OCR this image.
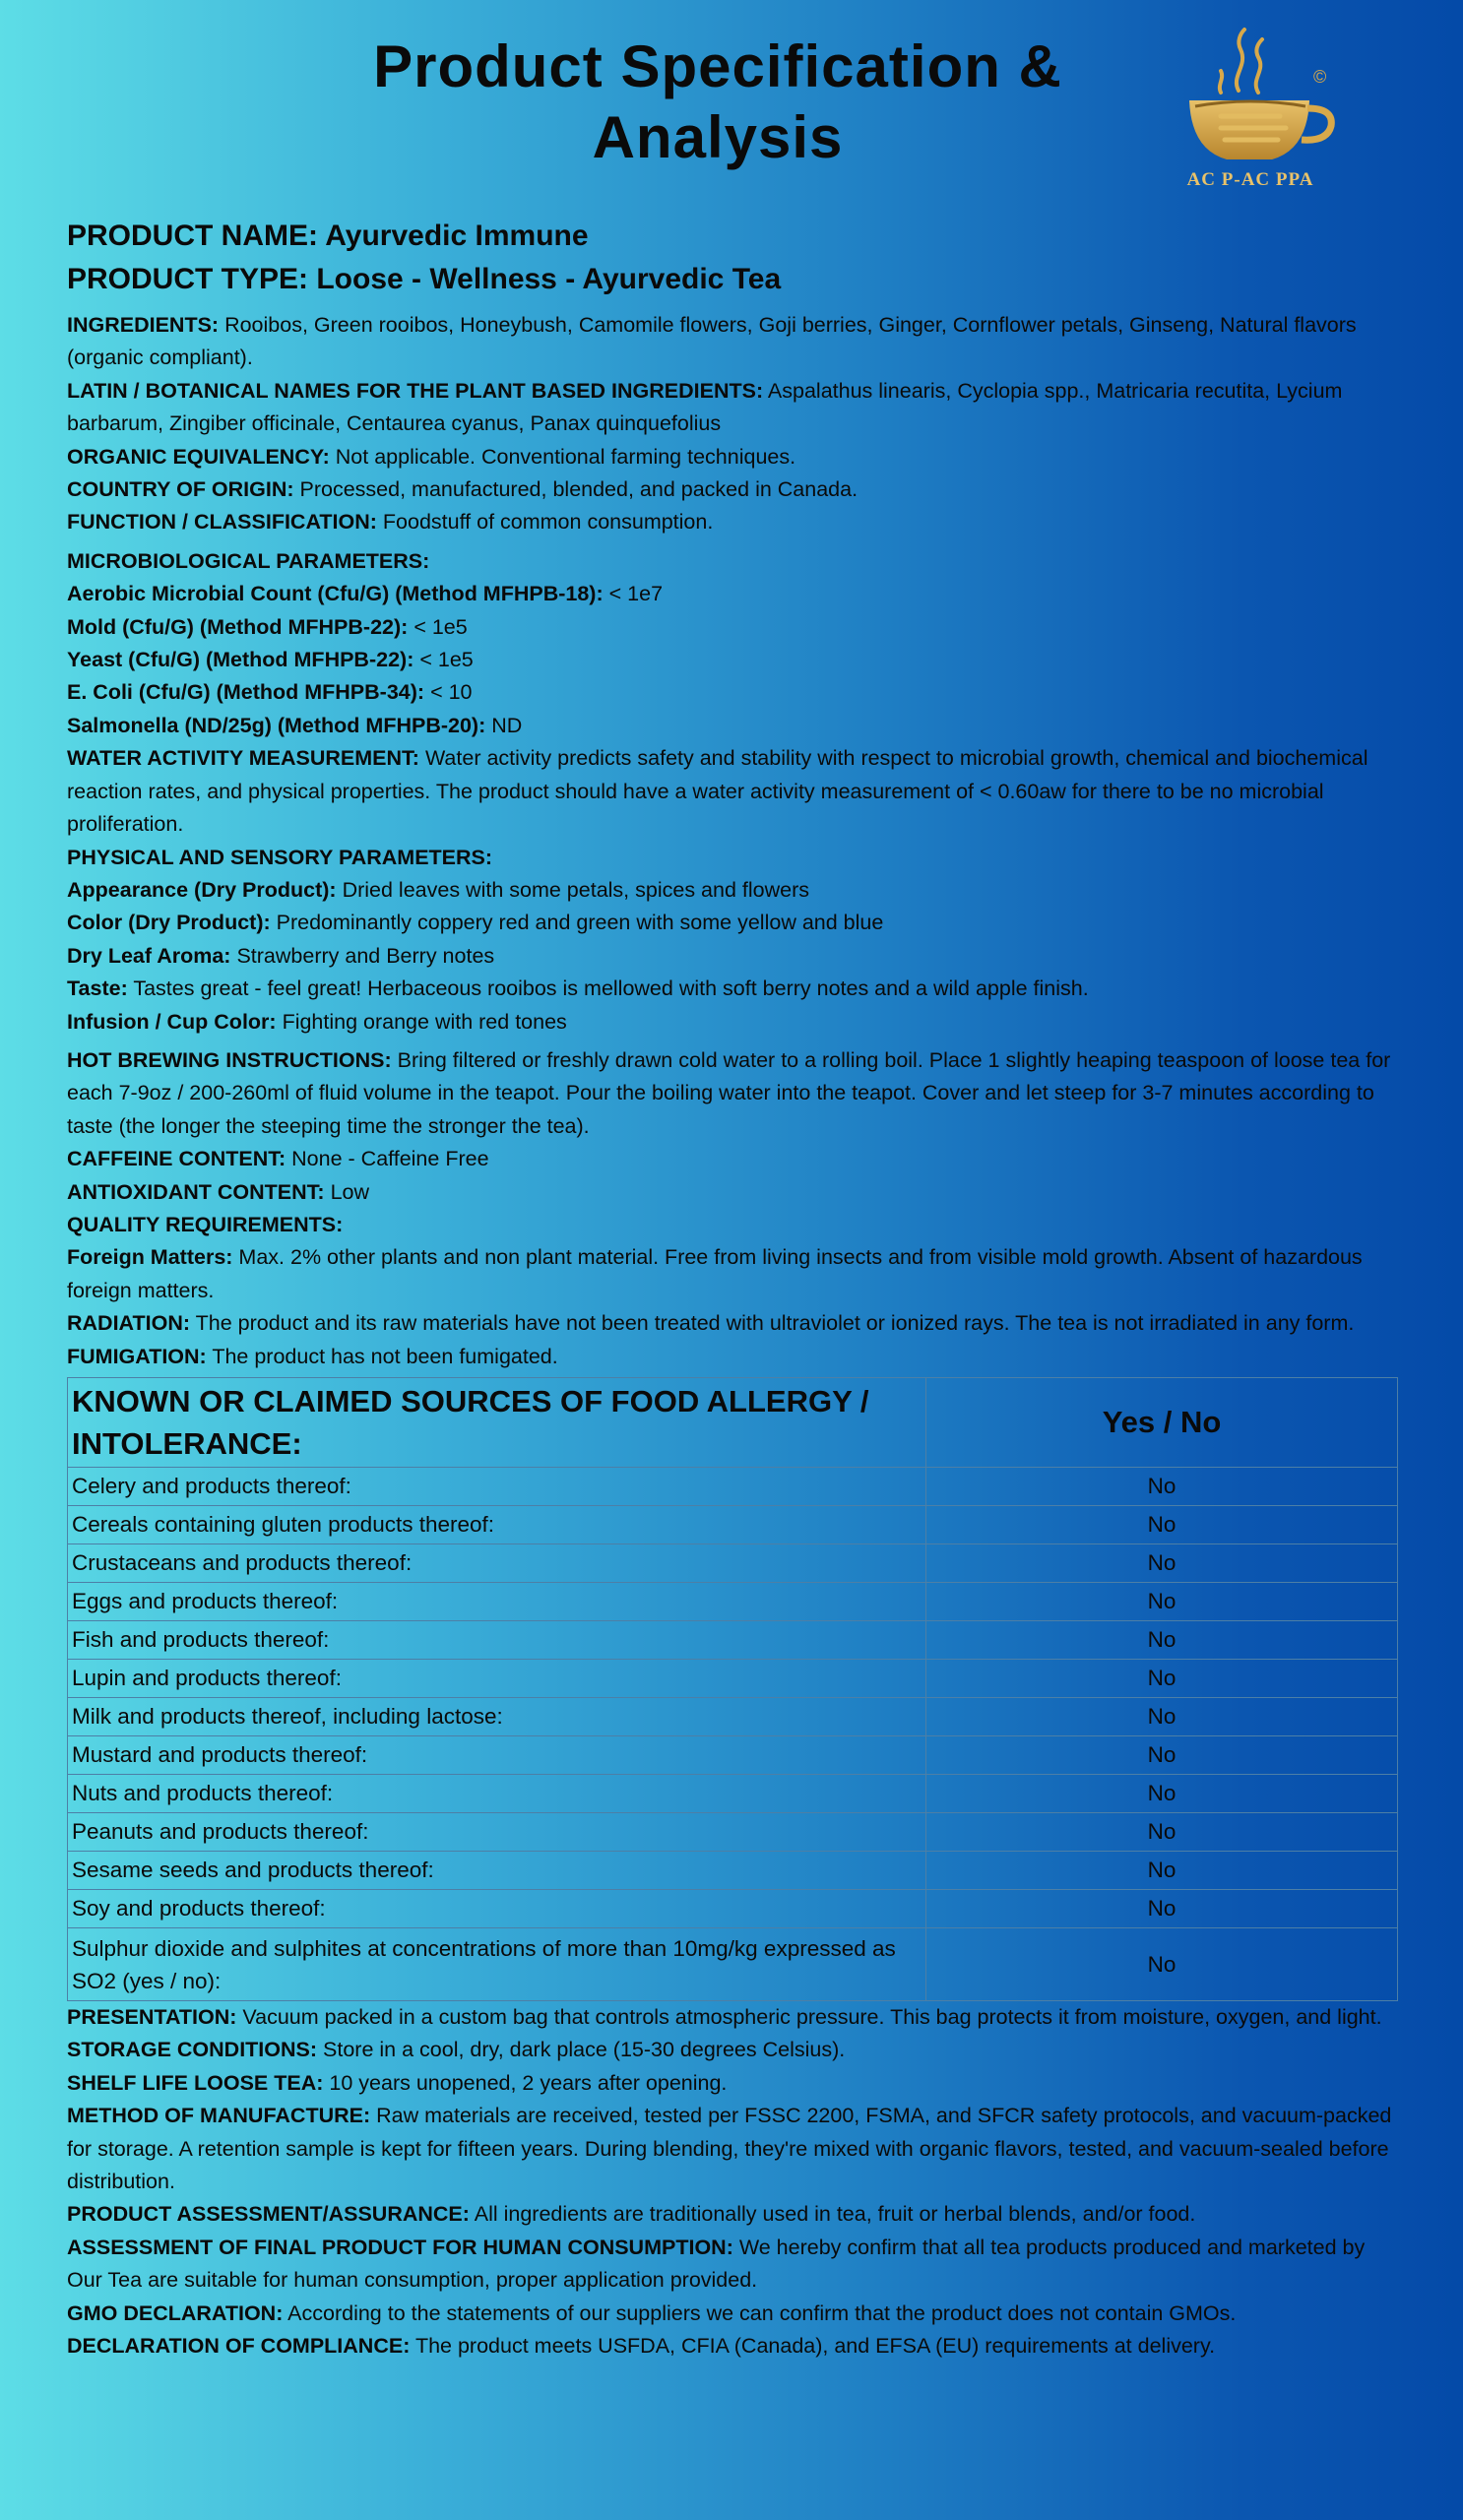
Product Specification &
Analysis
©
AC P-AC PPA
PRODUCT NAME: Ayurvedic Immune
PRODUCT TYPE: Loose - Wellness - Ayurvedic Tea
INGREDIENTS: Rooibos, Green rooibos, Honeybush, Camomile flowers, Goji berries, Ginger, Cornflower petals, Ginseng, Natural flavors (organic compliant).
LATIN / BOTANICAL NAMES FOR THE PLANT BASED INGREDIENTS: Aspalathus linearis, Cyclopia spp., Matricaria recutita, Lycium barbarum, Zingiber officinale, Centaurea cyanus, Panax quinquefolius
ORGANIC EQUIVALENCY: Not applicable. Conventional farming techniques.
COUNTRY OF ORIGIN: Processed, manufactured, blended, and packed in Canada.
FUNCTION / CLASSIFICATION: Foodstuff of common consumption.
MICROBIOLOGICAL PARAMETERS:
Aerobic Microbial Count (Cfu/G) (Method MFHPB-18): < 1e7
Mold (Cfu/G) (Method MFHPB-22): < 1e5
Yeast (Cfu/G) (Method MFHPB-22): < 1e5
E. Coli (Cfu/G) (Method MFHPB-34): < 10
Salmonella (ND/25g) (Method MFHPB-20): ND
WATER ACTIVITY MEASUREMENT: Water activity predicts safety and stability with respect to microbial growth, chemical and biochemical reaction rates, and physical properties. The product should have a water activity measurement of < 0.60aw for there to be no microbial proliferation.
PHYSICAL AND SENSORY PARAMETERS:
Appearance (Dry Product): Dried leaves with some petals, spices and flowers
Color (Dry Product): Predominantly coppery red and green with some yellow and blue
Dry Leaf Aroma: Strawberry and Berry notes
Taste: Tastes great - feel great! Herbaceous rooibos is mellowed with soft berry notes and a wild apple finish.
Infusion / Cup Color: Fighting orange with red tones
HOT BREWING INSTRUCTIONS: Bring filtered or freshly drawn cold water to a rolling boil. Place 1 slightly heaping teaspoon of loose tea for each 7-9oz / 200-260ml of fluid volume in the teapot. Pour the boiling water into the teapot. Cover and let steep for 3-7 minutes according to taste (the longer the steeping time the stronger the tea).
CAFFEINE CONTENT: None - Caffeine Free
ANTIOXIDANT CONTENT: Low
QUALITY REQUIREMENTS:
Foreign Matters: Max. 2% other plants and non plant material. Free from living insects and from visible mold growth. Absent of hazardous foreign matters.
RADIATION: The product and its raw materials have not been treated with ultraviolet or ionized rays. The tea is not irradiated in any form.
FUMIGATION: The product has not been fumigated.
KNOWN OR CLAIMED SOURCES OF FOOD ALLERGY / INTOLERANCE:	Yes / No
Celery and products thereof:	No
Cereals containing gluten products thereof:	No
Crustaceans and products thereof:	No
Eggs and products thereof:	No
Fish and products thereof:	No
Lupin and products thereof:	No
Milk and products thereof, including lactose:	No
Mustard and products thereof:	No
Nuts and products thereof:	No
Peanuts and products thereof:	No
Sesame seeds and products thereof:	No
Soy and products thereof:	No
Sulphur dioxide and sulphites at concentrations of more than 10mg/kg expressed as SO2 (yes / no):	No
PRESENTATION: Vacuum packed in a custom bag that controls atmospheric pressure. This bag protects it from moisture, oxygen, and light.
STORAGE CONDITIONS: Store in a cool, dry, dark place (15-30 degrees Celsius).
SHELF LIFE LOOSE TEA: 10 years unopened, 2 years after opening.
METHOD OF MANUFACTURE: Raw materials are received, tested per FSSC 2200, FSMA, and SFCR safety protocols, and vacuum-packed for storage. A retention sample is kept for fifteen years. During blending, they're mixed with organic flavors, tested, and vacuum-sealed before distribution.
PRODUCT ASSESSMENT/ASSURANCE: All ingredients are traditionally used in tea, fruit or herbal blends, and/or food.
ASSESSMENT OF FINAL PRODUCT FOR HUMAN CONSUMPTION: We hereby confirm that all tea products produced and marketed by Our Tea are suitable for human consumption, proper application provided.
GMO DECLARATION: According to the statements of our suppliers we can confirm that the product does not contain GMOs.
DECLARATION OF COMPLIANCE: The product meets USFDA, CFIA (Canada), and EFSA (EU) requirements at delivery.
